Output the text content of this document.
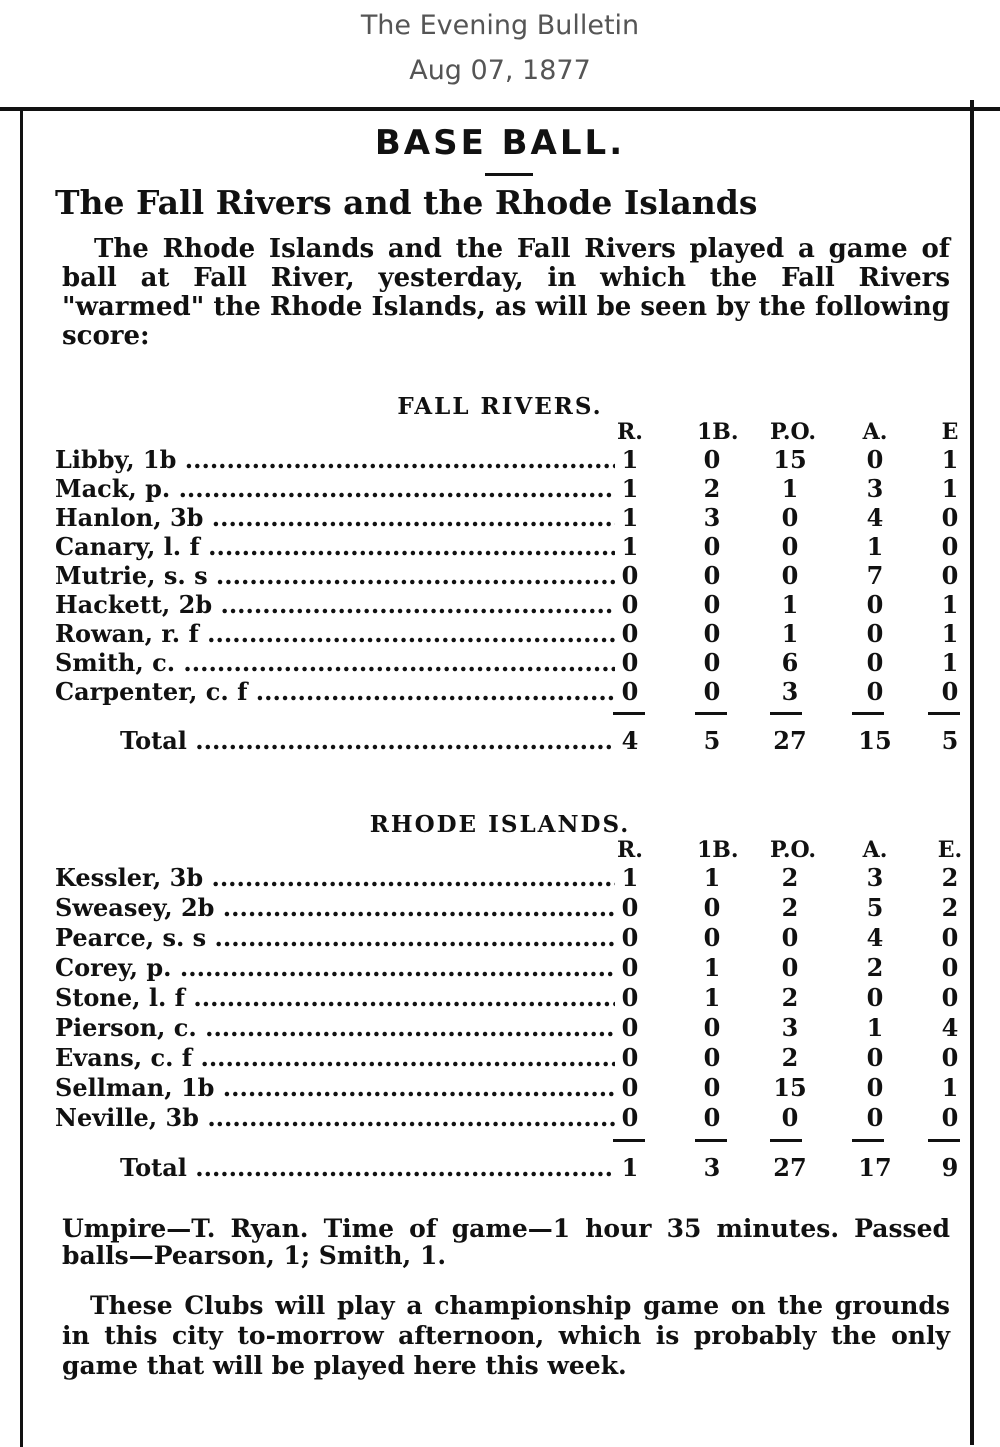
The Evening Bulletin
Aug 07, 1877
BASE BALL.
The Fall Rivers and the Rhode Islands
The Rhode Islands and the Fall Rivers played a game of ball at Fall River, yesterday, in which the Fall Rivers "warmed" the Rhode Islands, as will be seen by the following score:
FALL RIVERS.
R. 1B. P.O.	A.	E
Libby, 1b .....	1	0 15	0	1
Mack, p. .....	1	2	1	3	1
Hanlon, 3b .....	1	3	0	4	0
Canary, l. f .....	1	0	0	1	0
Mutrie, s. s .....	0	0	0	7	0
Hackett, 2b .....	0	0	1	0	1
Rowan, r. f .....	0	0	1	0	1
Smith, c. .....	0	0	6	0	1
Carpenter, c. f .....	0	0	3	0	0
Total .....	4	5 27 15 5
RHODE ISLANDS.
R. 1B. P.O.	A.	E.
Kessler, 3b .....	1	1	2	3	2
Sweasey, 2b .....	0	0	2	5	2
Pearce, s. s .....	0	0	0	4	0
Corey, p. .....	0	1	0	2	0
Stone, l. f .....	0	1	2	0	0
Pierson, c. .....	0	0	3	1	4
Evans, c. f .....	0	0	2	0	0
Sellman, 1b .....	0	0 15	0	1
Neville, 3b .....	0	0	0	0	0
Total .....	1	3 27 17 9
Umpire—T. Ryan. Time of game—1 hour 35 minutes. Passed balls—Pearson, 1; Smith, 1.
These Clubs will play a championship game on the grounds in this city to-morrow afternoon, which is probably the only game that will be played here this week.
